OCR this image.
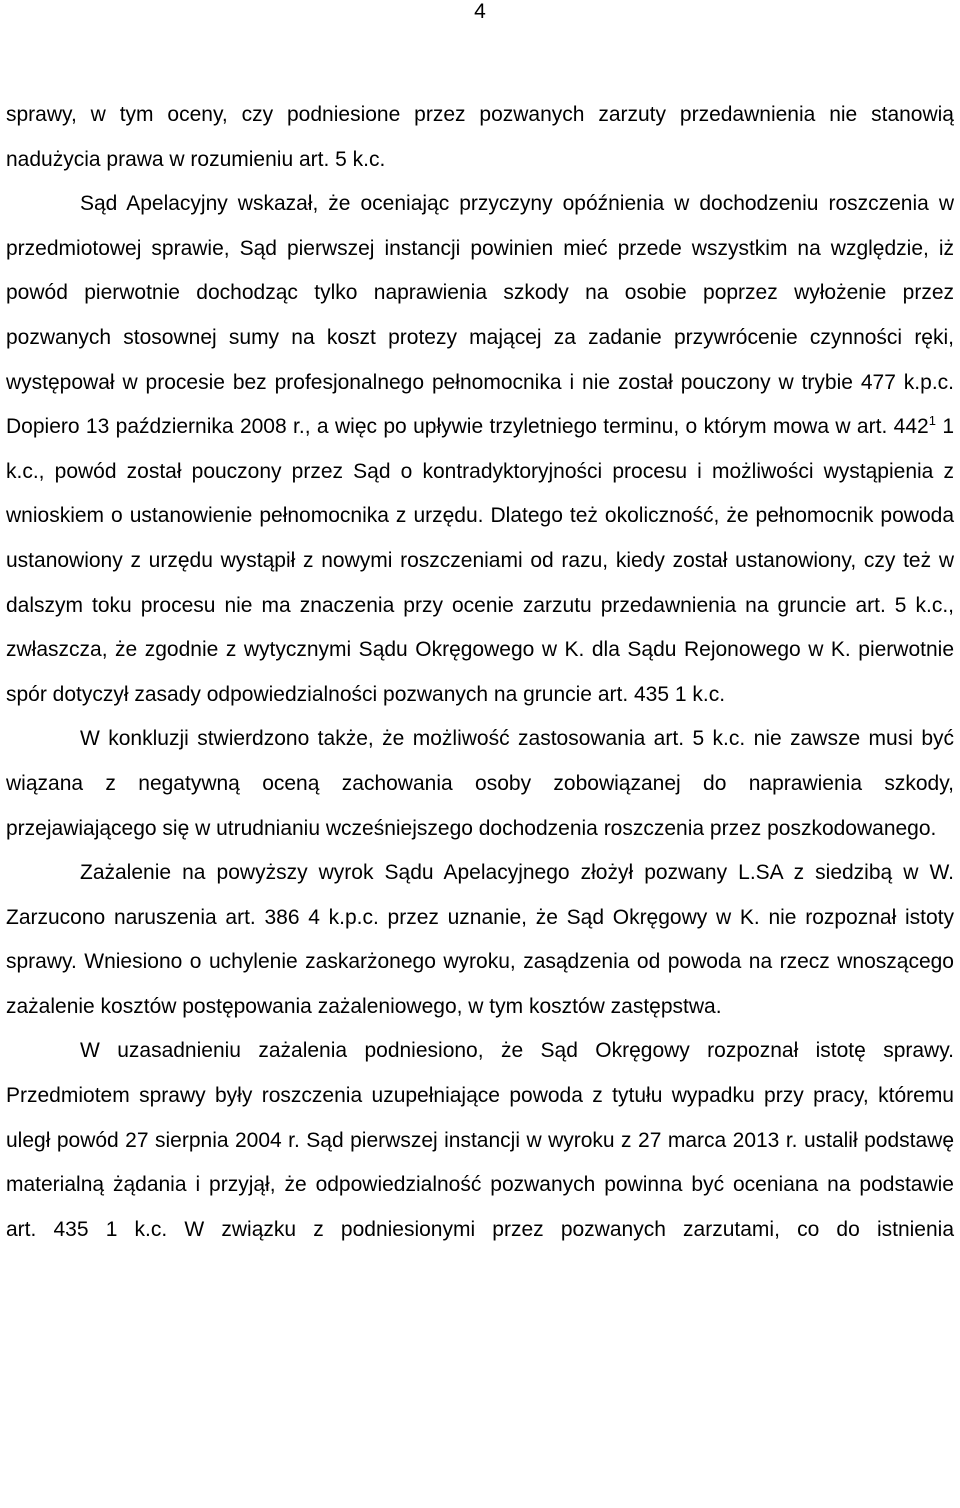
4

sprawy, w tym oceny, czy podniesione przez pozwanych zarzuty przedawnienia nie stanowią nadużycia prawa w rozumieniu art. 5 k.c.

Sąd Apelacyjny wskazał, że oceniając przyczyny opóźnienia w dochodzeniu roszczenia w przedmiotowej sprawie, Sąd pierwszej instancji powinien mieć przede wszystkim na względzie, iż powód pierwotnie dochodząc tylko naprawienia szkody na osobie poprzez wyłożenie przez pozwanych stosownej sumy na koszt protezy mającej za zadanie przywrócenie czynności ręki, występował w procesie bez profesjonalnego pełnomocnika i nie został pouczony w trybie 477 k.p.c. Dopiero 13 października 2008 r., a więc po upływie trzyletniego terminu, o którym mowa w art. $442^1$ 1 k.c., powód został pouczony przez Sąd o kontradyktoryjności procesu i możliwości wystąpienia z wnioskiem o ustanowienie pełnomocnika z urzędu. Dlatego też okoliczność, że pełnomocnik powoda ustanowiony z urzędu wystąpił z nowymi roszczeniami od razu, kiedy został ustanowiony, czy też w dalszym toku procesu nie ma znaczenia przy ocenie zarzutu przedawnienia na gruncie art. 5 k.c., zwłaszcza, że zgodnie z wytycznymi Sądu Okręgowego w K. dla Sądu Rejonowego w K. pierwotnie spór dotyczył zasady odpowiedzialności pozwanych na gruncie art. 435 1 k.c.

W konkluzji stwierdzono także, że możliwość zastosowania art. 5 k.c. nie zawsze musi być wiązana z negatywną oceną zachowania osoby zobowiązanej do naprawienia szkody, przejawiającego się w utrudnianiu wcześniejszego dochodzenia roszczenia przez poszkodowanego.

Zażalenie na powyższy wyrok Sądu Apelacyjnego złożył pozwany L.SA z siedzibą w W. Zarzucono naruszenia art. 386 4 k.p.c. przez uznanie, że Sąd Okręgowy w K. nie rozpoznał istoty sprawy. Wniesiono o uchylenie zaskarżonego wyroku, zasądzenia od powoda na rzecz wnoszącego zażalenie kosztów postępowania zażaleniowego, w tym kosztów zastępstwa.

W uzasadnieniu zażalenia podniesiono, że Sąd Okręgowy rozpoznał istotę sprawy. Przedmiotem sprawy były roszczenia uzupełniające powoda z tytułu wypadku przy pracy, któremu uległ powód 27 sierpnia 2004 r. Sąd pierwszej instancji w wyroku z 27 marca 2013 r. ustalił podstawę materialną żądania i przyjął, że odpowiedzialność pozwanych powinna być oceniana na podstawie art. 435 1 k.c. W związku z podniesionymi przez pozwanych zarzutami, co do istnienia
